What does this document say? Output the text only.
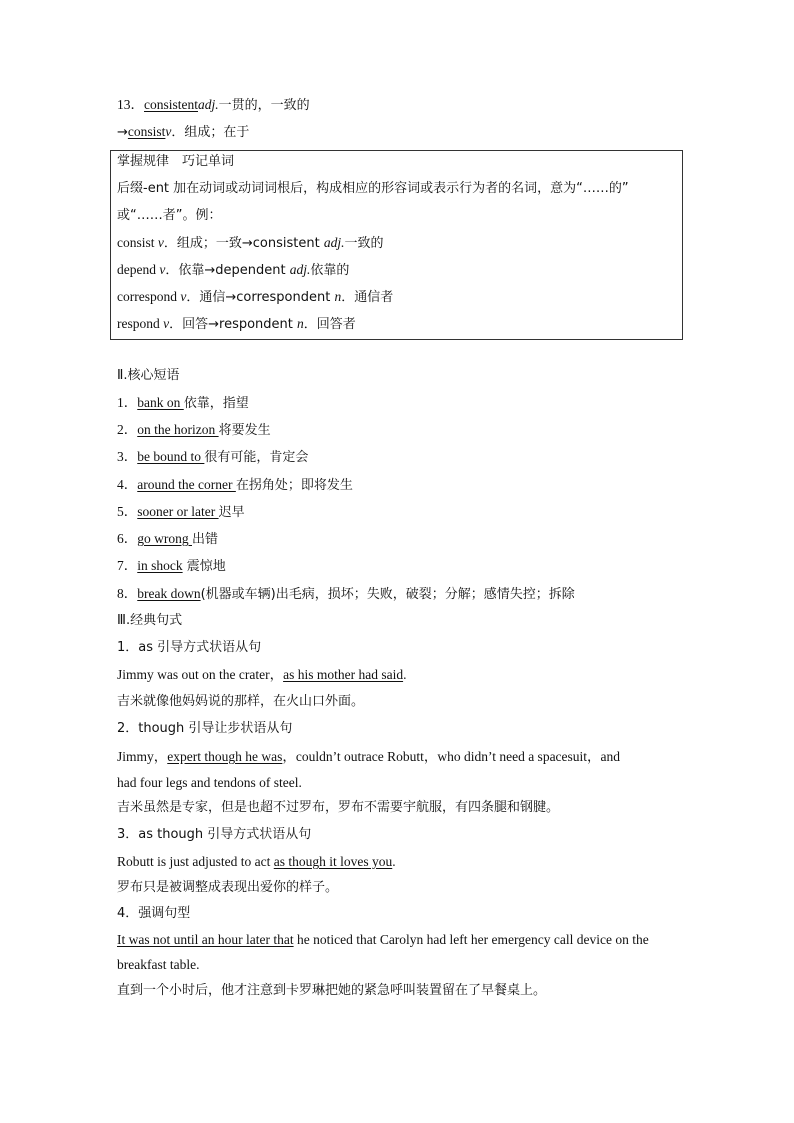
13．consistentadj.一贯的，一致的
→consistv．组成；在于
掌握规律　巧记单词
后缀-ent 加在动词或动词词根后，构成相应的形容词或表示行为者的名词，意为“……的”
或“……者”。例：
consist v．组成；一致→consistent adj.一致的
depend v．依靠→dependent adj.依靠的
correspond v．通信→correspondent n．通信者
respond v．回答→respondent n．回答者
Ⅱ.核心短语
1．bank on 依靠，指望
2．on the horizon 将要发生
3．be bound to 很有可能，肯定会
4．around the corner 在拐角处；即将发生
5．sooner or later 迟早
6．go wrong 出错
7．in shock 震惊地
8．break down(机器或车辆)出毛病，损坏；失败，破裂；分解；感情失控；拆除
Ⅲ.经典句式
1．as 引导方式状语从句
Jimmy was out on the crater，as his mother had said.
吉米就像他妈妈说的那样，在火山口外面。
2．though 引导让步状语从句
Jimmy，expert though he was，couldn’t outrace Robutt，who didn’t need a spacesuit，and
had four legs and tendons of steel.
吉米虽然是专家，但是也超不过罗布，罗布不需要宇航服，有四条腿和钢腱。
3．as though 引导方式状语从句
Robutt is just adjusted to act as though it loves you.
罗布只是被调整成表现出爱你的样子。
4．强调句型
It was not until an hour later that he noticed that Carolyn had left her emergency call device on the
breakfast table.
直到一个小时后，他才注意到卡罗琳把她的紧急呼叫装置留在了早餐桌上。
